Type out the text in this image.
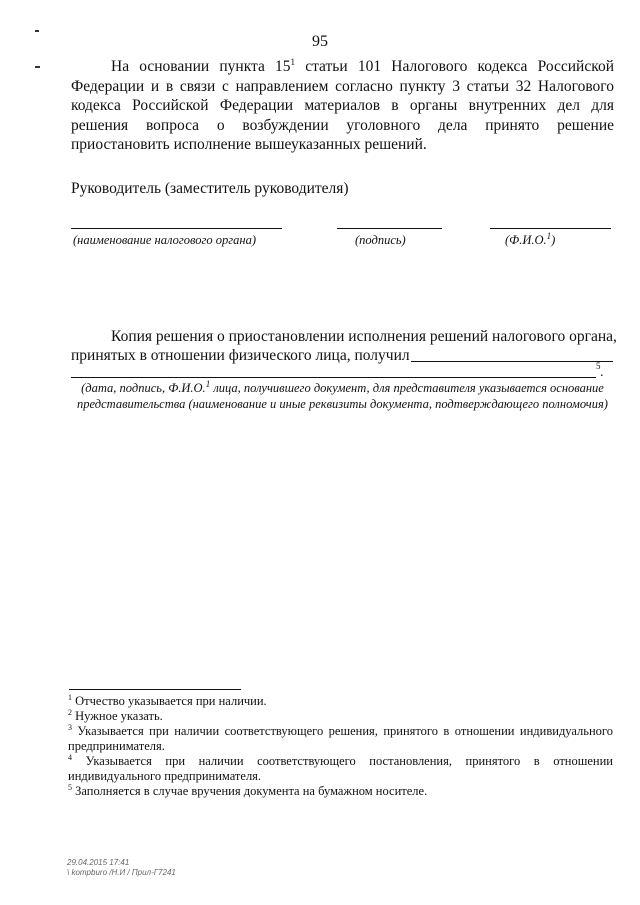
95
На основании пункта $15^1$ статьи 101 Налогового кодекса Российской Федерации и в связи с направлением согласно пункту 3 статьи 32 Налогового кодекса Российской Федерации материалов в органы внутренних дел для решения вопроса о возбуждении уголовного дела принято решение приостановить исполнение вышеуказанных решений.
Руководитель (заместитель руководителя)
(наименование налогового органа)	(подпись)	(Ф.И.О.$^1$)
Копия решения о приостановлении исполнения решений налогового органа,
принятых в отношении физического лица, получил
5 .
(дата, подпись, Ф.И.О.$^1$ лица, получившего документ, для представителя указывается основание представительства (наименование и иные реквизиты документа, подтверждающего полномочия)
$^1$ Отчество указывается при наличии.
$^2$ Нужное указать.
$^3$ Указывается при наличии соответствующего решения, принятого в отношении индивидуального предпринимателя.
$^4$ Указывается при наличии соответствующего постановления, принятого в отношении индивидуального предпринимателя.
$^5$ Заполняется в случае вручения документа на бумажном носителе.
29.04.2015 17:41
\ kompburo /Н.И / Прил-Г7241
